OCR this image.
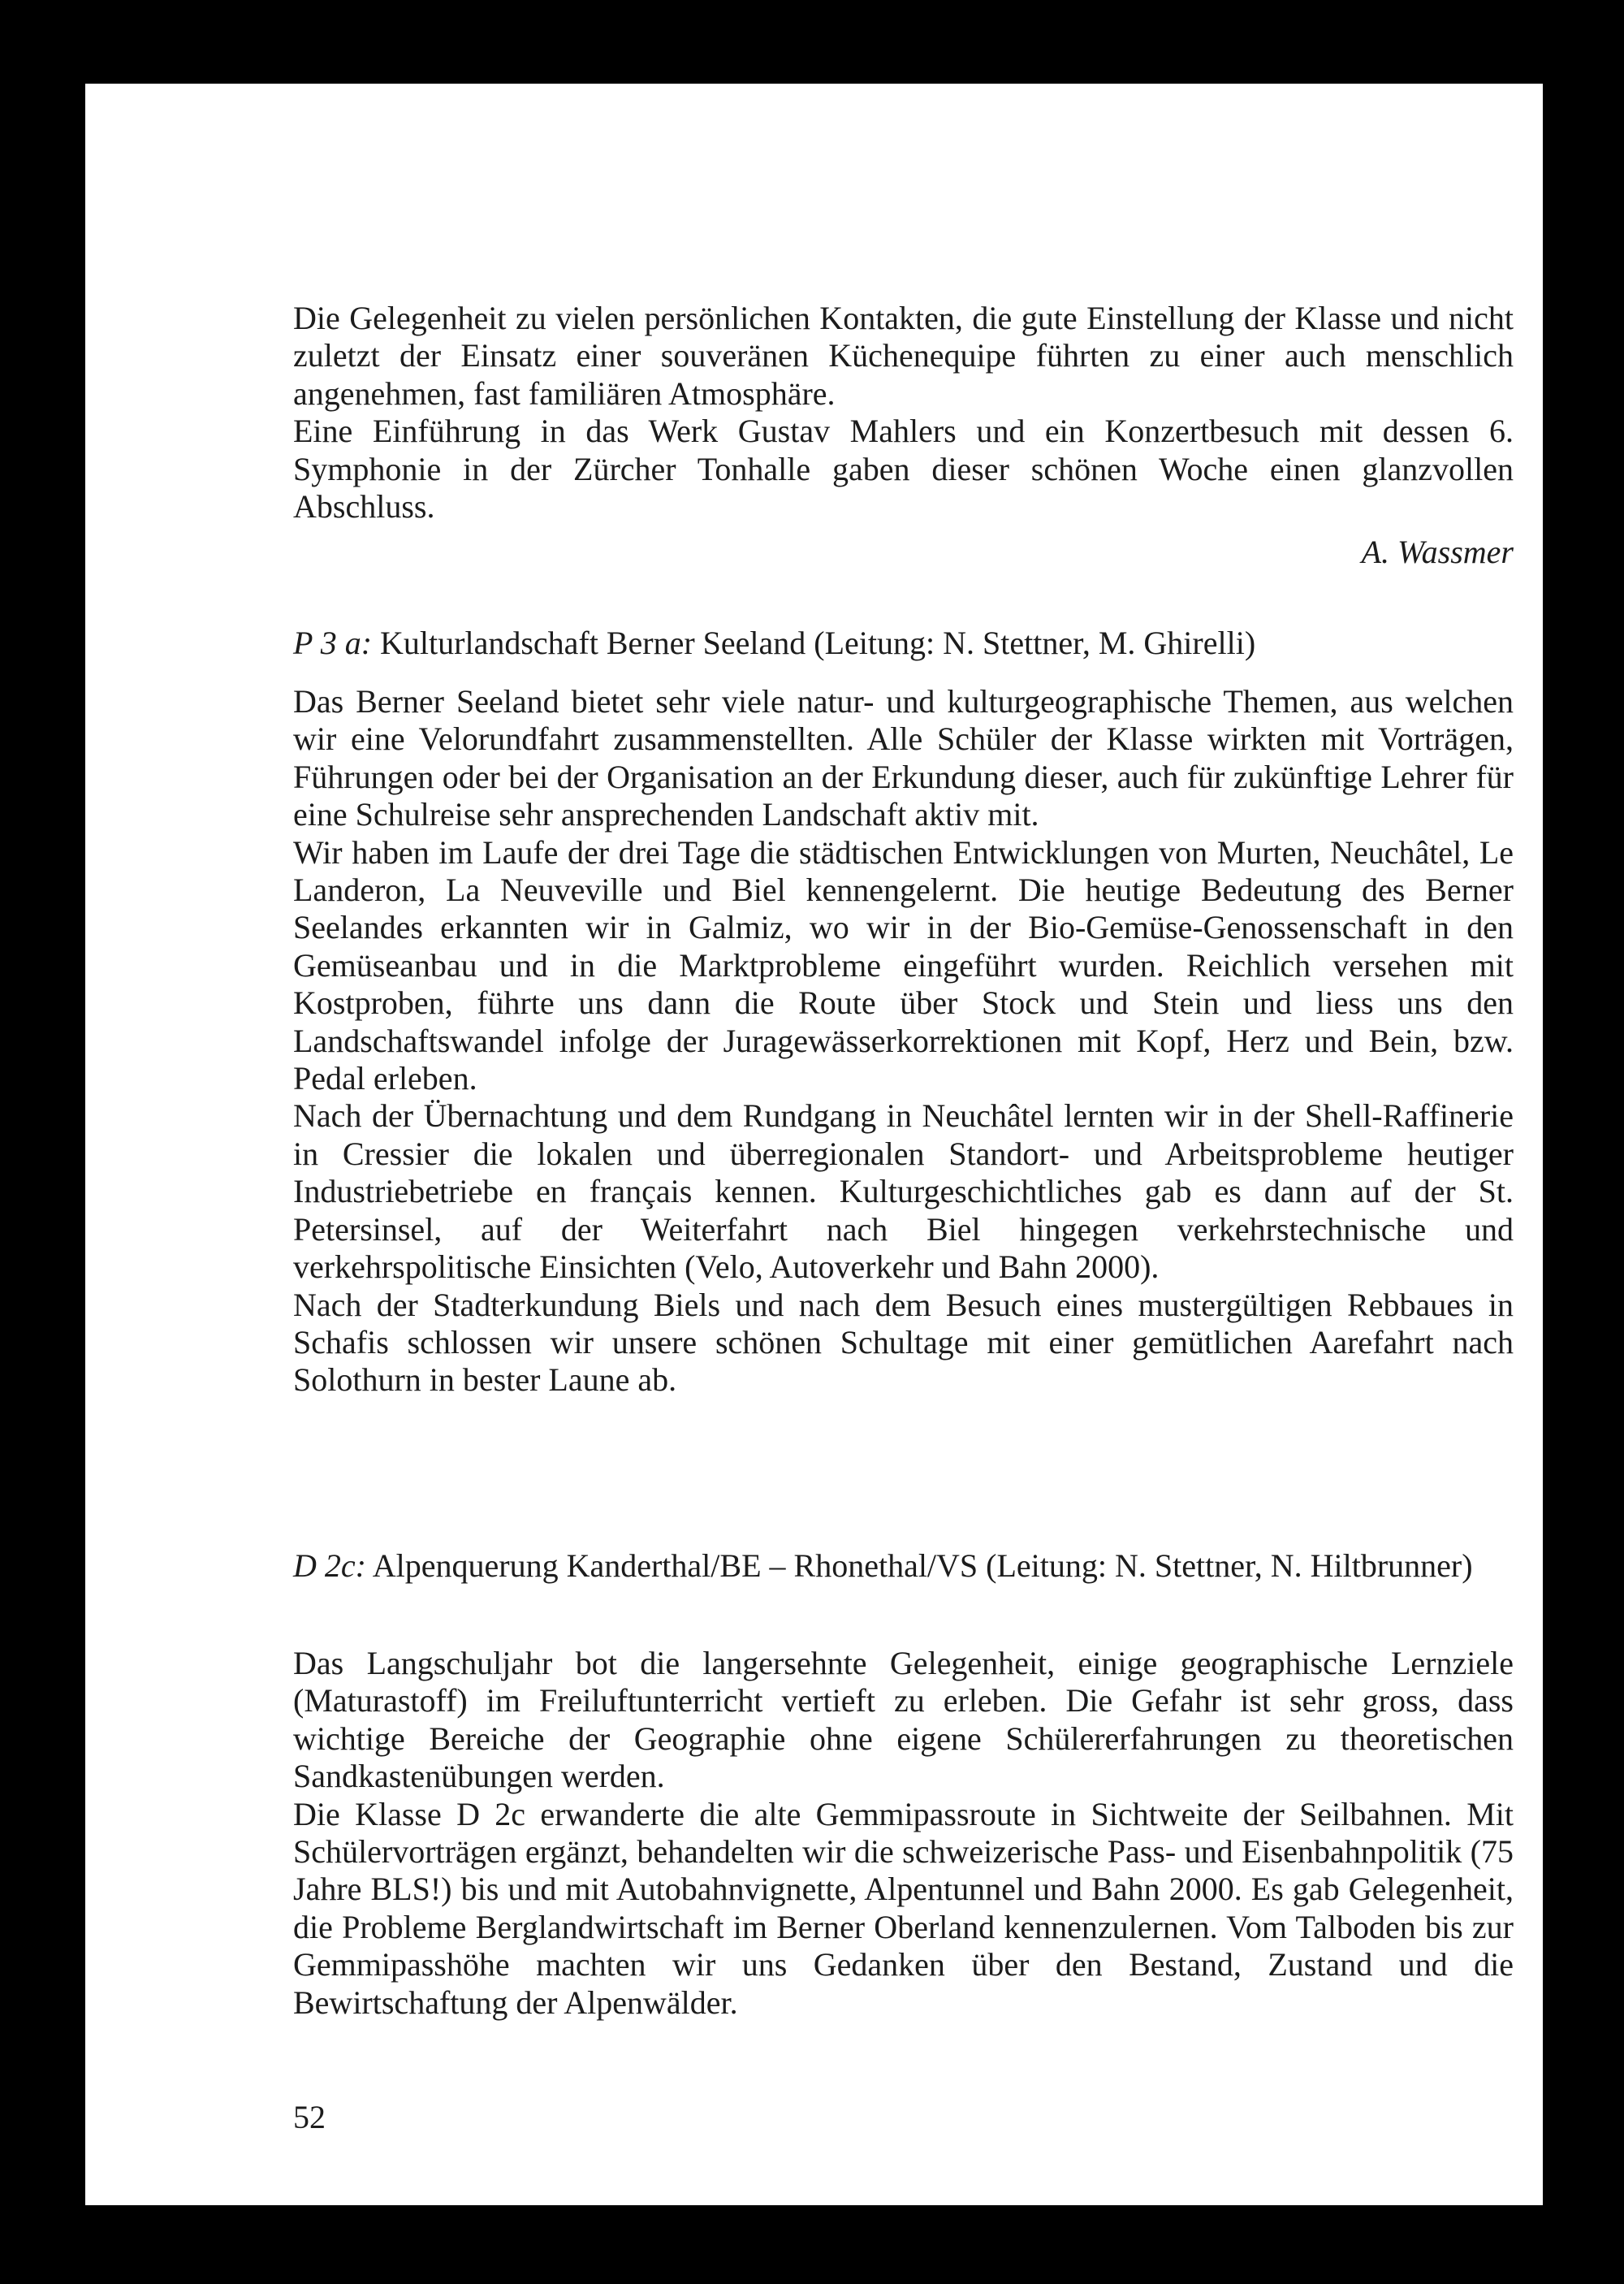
Die Gelegenheit zu vielen persönlichen Kontakten, die gute Einstellung der Klasse und nicht zuletzt der Einsatz einer souveränen Küchenequipe führten zu einer auch menschlich angenehmen, fast familiären Atmosphäre.

Eine Einführung in das Werk Gustav Mahlers und ein Konzertbesuch mit dessen 6. Symphonie in der Zürcher Tonhalle gaben dieser schönen Woche einen glanzvollen Abschluss.

A. Wassmer
P 3 a: Kulturlandschaft Berner Seeland (Leitung: N. Stettner, M. Ghirelli)

Das Berner Seeland bietet sehr viele natur- und kulturgeographische Themen, aus welchen wir eine Velorundfahrt zusammenstellten. Alle Schüler der Klasse wirkten mit Vorträgen, Führungen oder bei der Organisation an der Erkundung dieser, auch für zukünftige Lehrer für eine Schulreise sehr ansprechenden Landschaft aktiv mit.

Wir haben im Laufe der drei Tage die städtischen Entwicklungen von Murten, Neuchâtel, Le Landeron, La Neuveville und Biel kennengelernt. Die heutige Bedeutung des Berner Seelandes erkannten wir in Galmiz, wo wir in der Bio-Gemüse-Genossenschaft in den Gemüseanbau und in die Marktprobleme eingeführt wurden. Reichlich versehen mit Kostproben, führte uns dann die Route über Stock und Stein und liess uns den Landschaftswandel infolge der Juragewässerkorrektionen mit Kopf, Herz und Bein, bzw. Pedal erleben.

Nach der Übernachtung und dem Rundgang in Neuchâtel lernten wir in der Shell-Raffinerie in Cressier die lokalen und überregionalen Standort- und Arbeitsprobleme heutiger Industriebetriebe en français kennen. Kulturgeschichtliches gab es dann auf der St. Petersinsel, auf der Weiterfahrt nach Biel hingegen verkehrstechnische und verkehrspolitische Einsichten (Velo, Autoverkehr und Bahn 2000).

Nach der Stadterkundung Biels und nach dem Besuch eines mustergültigen Rebbaues in Schafis schlossen wir unsere schönen Schultage mit einer gemütlichen Aarefahrt nach Solothurn in bester Laune ab.

D 2c: Alpenquerung Kanderthal/BE – Rhonethal/VS (Leitung: N. Stettner, N. Hiltbrunner)

Das Langschuljahr bot die langersehnte Gelegenheit, einige geographische Lernziele (Maturastoff) im Freiluftunterricht vertieft zu erleben. Die Gefahr ist sehr gross, dass wichtige Bereiche der Geographie ohne eigene Schülererfahrungen zu theoretischen Sandkastenübungen werden.

Die Klasse D 2c erwanderte die alte Gemmipassroute in Sichtweite der Seilbahnen. Mit Schülervorträgen ergänzt, behandelten wir die schweizerische Pass- und Eisenbahnpolitik (75 Jahre BLS!) bis und mit Autobahnvignette, Alpentunnel und Bahn 2000. Es gab Gelegenheit, die Probleme Berglandwirtschaft im Berner Oberland kennenzulernen. Vom Talboden bis zur Gemmipasshöhe machten wir uns Gedanken über den Bestand, Zustand und die Bewirtschaftung der Alpenwälder.

52
